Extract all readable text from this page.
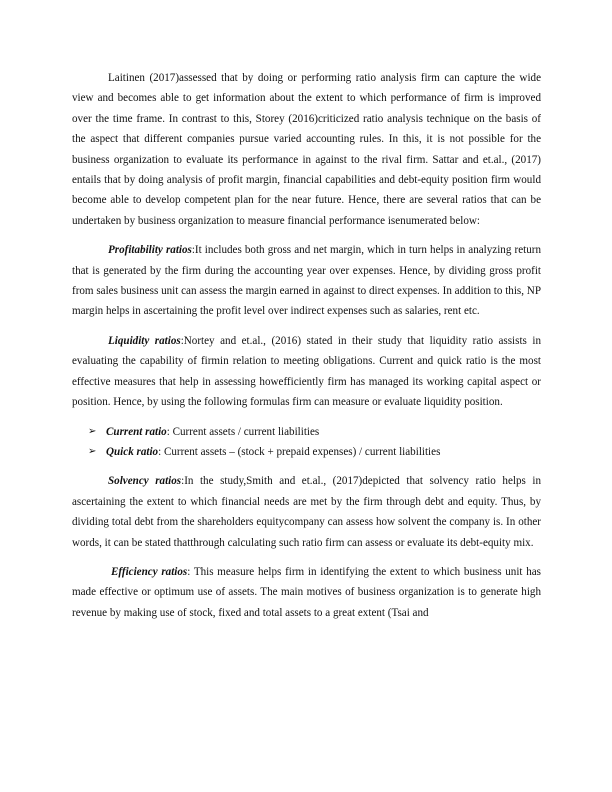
Laitinen (2017)assessed that by doing or performing ratio analysis firm can capture the wide view and becomes able to get information about the extent to which performance of firm is improved over the time frame. In contrast to this, Storey (2016)criticized ratio analysis technique on the basis of the aspect that different companies pursue varied accounting rules. In this, it is not possible for the business organization to evaluate its performance in against to the rival firm. Sattar and et.al., (2017) entails that by doing analysis of profit margin, financial capabilities and debt-equity position firm would become able to develop competent plan for the near future. Hence, there are several ratios that can be undertaken by business organization to measure financial performance isenumerated below:

Profitability ratios:It includes both gross and net margin, which in turn helps in analyzing return that is generated by the firm during the accounting year over expenses. Hence, by dividing gross profit from sales business unit can assess the margin earned in against to direct expenses. In addition to this, NP margin helps in ascertaining the profit level over indirect expenses such as salaries, rent etc.

Liquidity ratios:Nortey and et.al., (2016) stated in their study that liquidity ratio assists in evaluating the capability of firmin relation to meeting obligations. Current and quick ratio is the most effective measures that help in assessing howefficiently firm has managed its working capital aspect or position. Hence, by using the following formulas firm can measure or evaluate liquidity position.

➢ Current ratio: Current assets / current liabilities
➢ Quick ratio: Current assets – (stock + prepaid expenses) / current liabilities

Solvency ratios:In the study,Smith and et.al., (2017)depicted that solvency ratio helps in ascertaining the extent to which financial needs are met by the firm through debt and equity. Thus, by dividing total debt from the shareholders equitycompany can assess how solvent the company is. In other words, it can be stated thatthrough calculating such ratio firm can assess or evaluate its debt-equity mix.

Efficiency ratios: This measure helps firm in identifying the extent to which business unit has made effective or optimum use of assets. The main motives of business organization is to generate high revenue by making use of stock, fixed and total assets to a great extent (Tsai and
